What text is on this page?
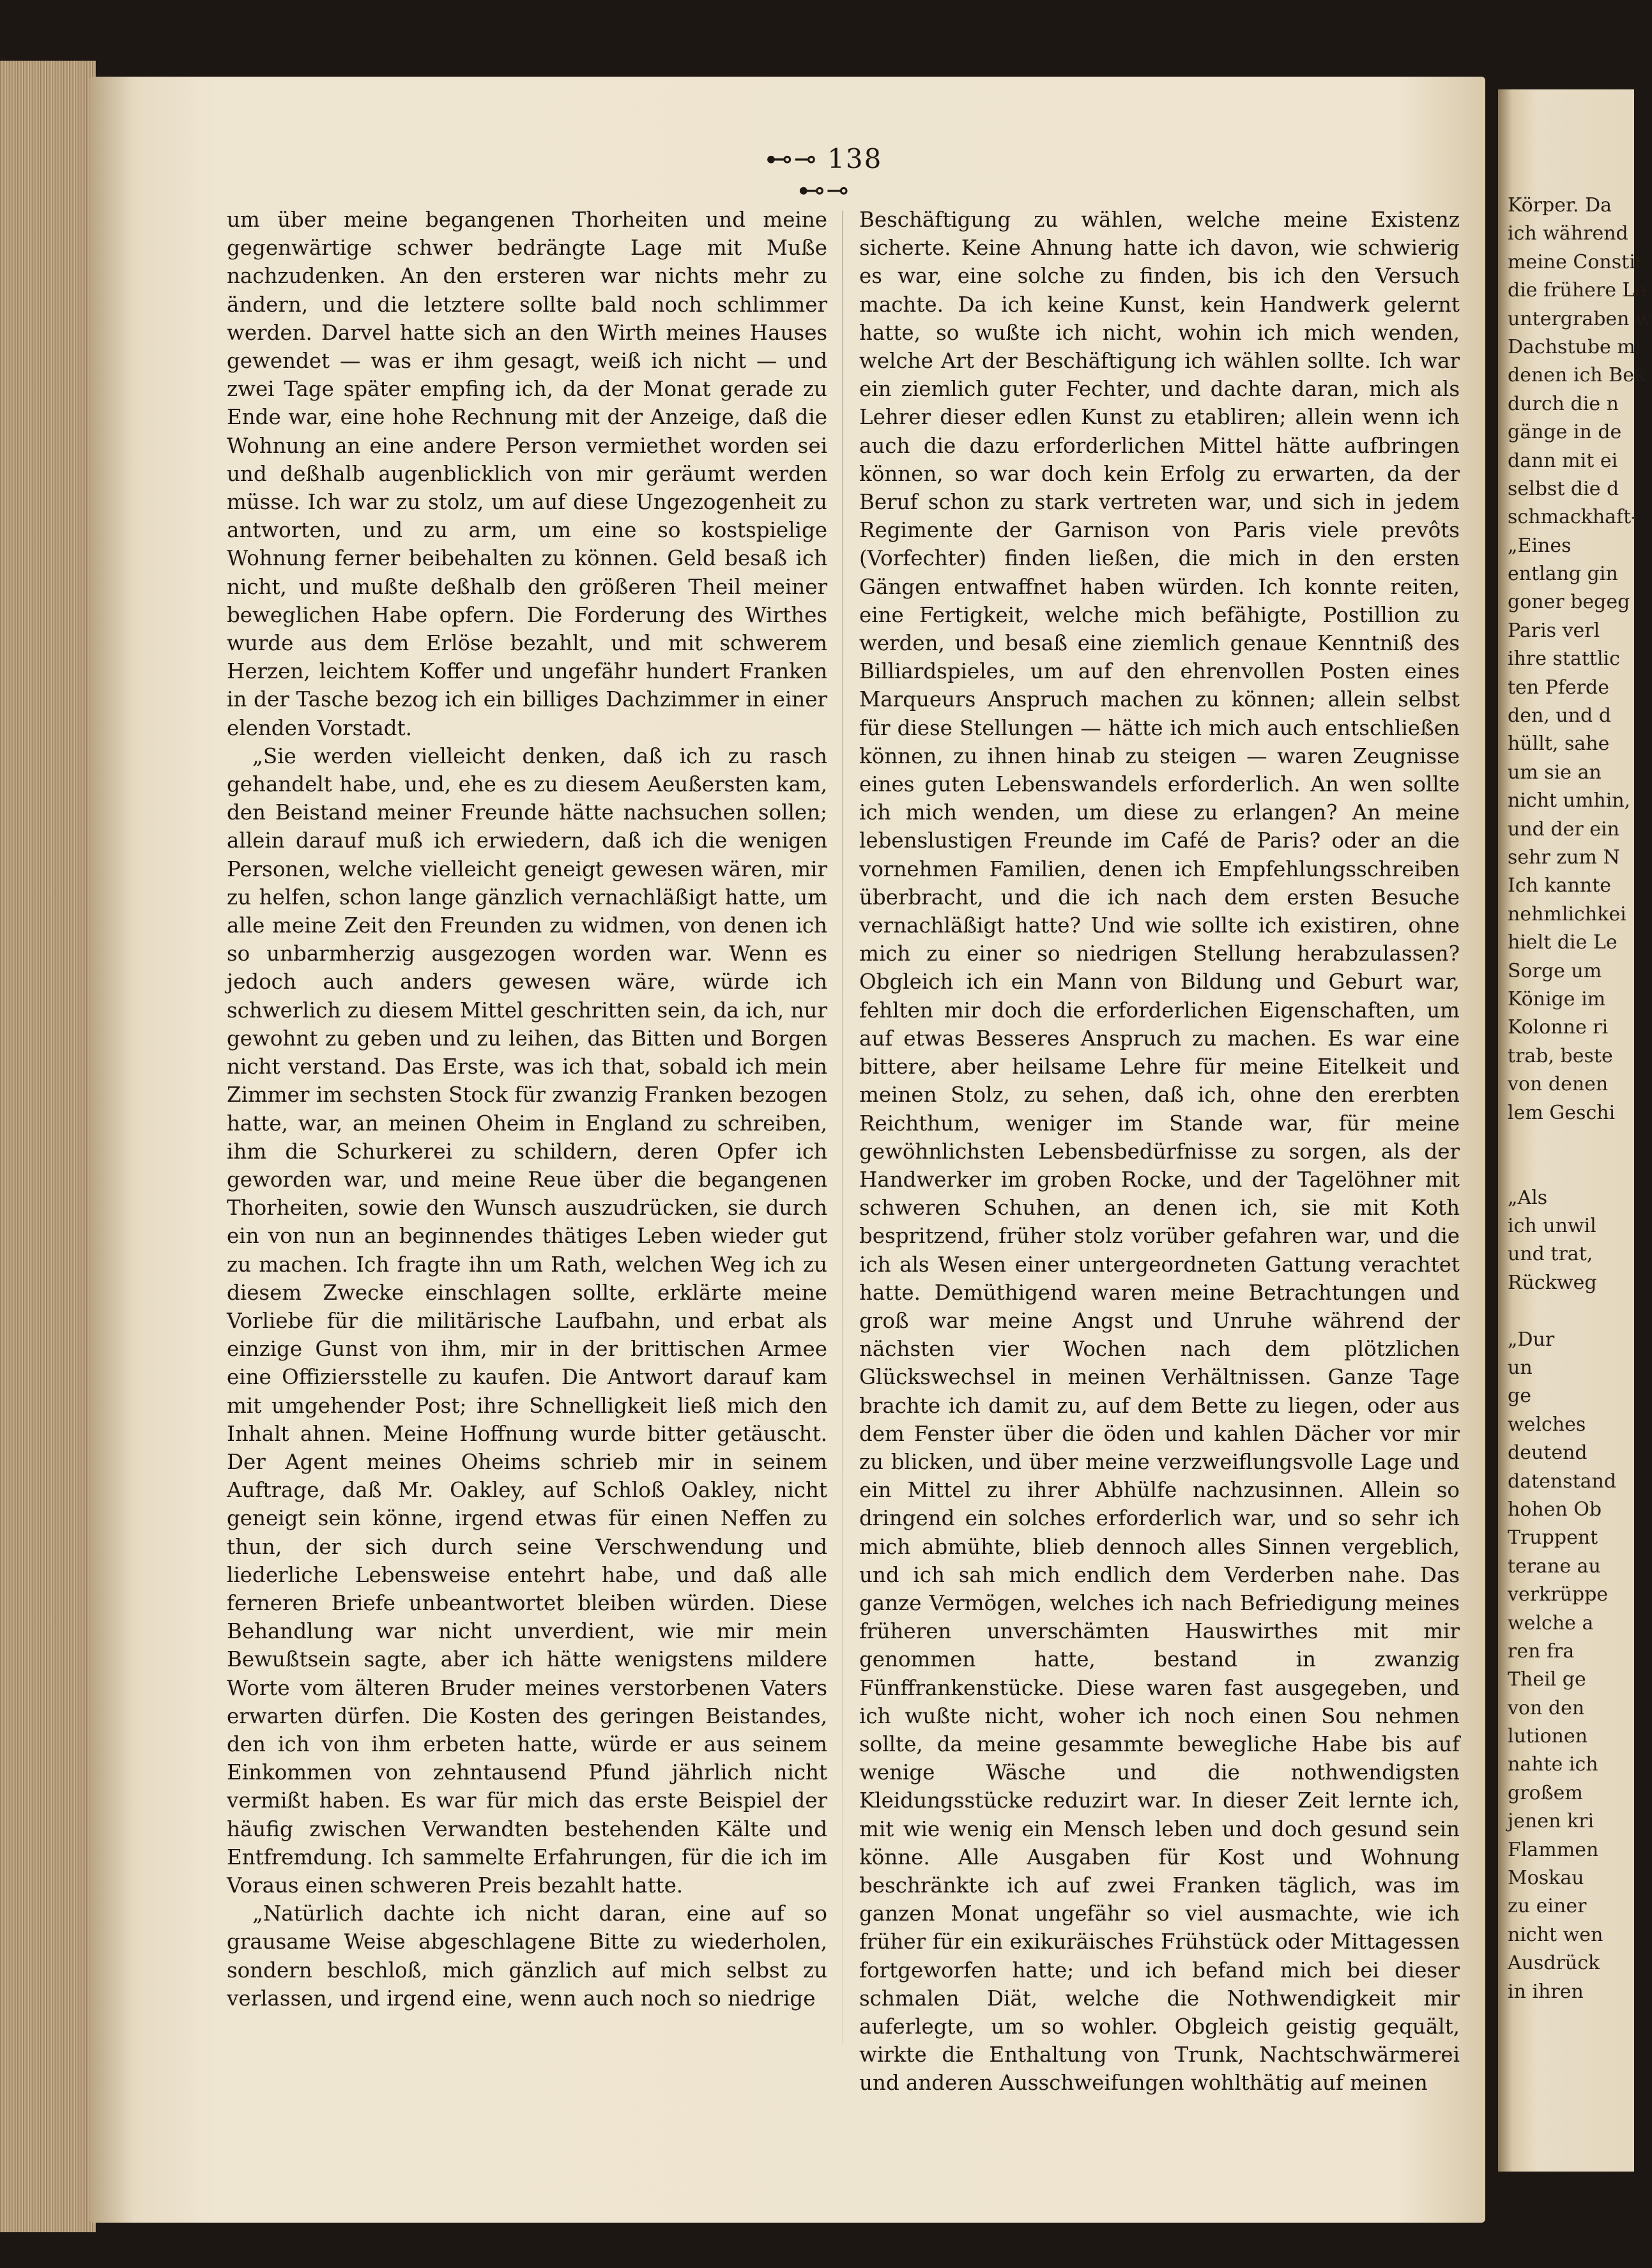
⊷⊸ 138 ⊷⊸

um über meine begangenen Thorheiten und meine gegenwärtige schwer bedrängte Lage mit Muße nachzudenken. An den ersteren war nichts mehr zu ändern, und die letztere sollte bald noch schlimmer werden. Darvel hatte sich an den Wirth meines Hauses gewendet — was er ihm gesagt, weiß ich nicht — und zwei Tage später empfing ich, da der Monat gerade zu Ende war, eine hohe Rechnung mit der Anzeige, daß die Wohnung an eine andere Person vermiethet worden sei und deßhalb augenblicklich von mir geräumt werden müsse. Ich war zu stolz, um auf diese Ungezogenheit zu antworten, und zu arm, um eine so kostspielige Wohnung ferner beibehalten zu können. Geld besaß ich nicht, und mußte deßhalb den größeren Theil meiner beweglichen Habe opfern. Die Forderung des Wirthes wurde aus dem Erlöse bezahlt, und mit schwerem Herzen, leichtem Koffer und ungefähr hundert Franken in der Tasche bezog ich ein billiges Dachzimmer in einer elenden Vorstadt.

„Sie werden vielleicht denken, daß ich zu rasch gehandelt habe, und, ehe es zu diesem Aeußersten kam, den Beistand meiner Freunde hätte nachsuchen sollen; allein darauf muß ich erwiedern, daß ich die wenigen Personen, welche vielleicht geneigt gewesen wären, mir zu helfen, schon lange gänzlich vernachläßigt hatte, um alle meine Zeit den Freunden zu widmen, von denen ich so unbarmherzig ausgezogen worden war. Wenn es jedoch auch anders gewesen wäre, würde ich schwerlich zu diesem Mittel geschritten sein, da ich, nur gewohnt zu geben und zu leihen, das Bitten und Borgen nicht verstand. Das Erste, was ich that, sobald ich mein Zimmer im sechsten Stock für zwanzig Franken bezogen hatte, war, an meinen Oheim in England zu schreiben, ihm die Schurkerei zu schildern, deren Opfer ich geworden war, und meine Reue über die begangenen Thorheiten, sowie den Wunsch auszudrücken, sie durch ein von nun an beginnendes thätiges Leben wieder gut zu machen. Ich fragte ihn um Rath, welchen Weg ich zu diesem Zwecke einschlagen sollte, erklärte meine Vorliebe für die militärische Laufbahn, und erbat als einzige Gunst von ihm, mir in der brittischen Armee eine Offiziersstelle zu kaufen. Die Antwort darauf kam mit umgehender Post; ihre Schnelligkeit ließ mich den Inhalt ahnen. Meine Hoffnung wurde bitter getäuscht. Der Agent meines Oheims schrieb mir in seinem Auftrage, daß Mr. Oakley, auf Schloß Oakley, nicht geneigt sein könne, irgend etwas für einen Neffen zu thun, der sich durch seine Verschwendung und liederliche Lebensweise entehrt habe, und daß alle ferneren Briefe unbeantwortet bleiben würden. Diese Behandlung war nicht unverdient, wie mir mein Bewußtsein sagte, aber ich hätte wenigstens mildere Worte vom älteren Bruder meines verstorbenen Vaters erwarten dürfen. Die Kosten des geringen Beistandes, den ich von ihm erbeten hatte, würde er aus seinem Einkommen von zehntausend Pfund jährlich nicht vermißt haben. Es war für mich das erste Beispiel der häufig zwischen Verwandten bestehenden Kälte und Entfremdung. Ich sammelte Erfahrungen, für die ich im Voraus einen schweren Preis bezahlt hatte.

„Natürlich dachte ich nicht daran, eine auf so grausame Weise abgeschlagene Bitte zu wiederholen, sondern beschloß, mich gänzlich auf mich selbst zu verlassen, und irgend eine, wenn auch noch so niedrige

Beschäftigung zu wählen, welche meine Existenz sicherte. Keine Ahnung hatte ich davon, wie schwierig es war, eine solche zu finden, bis ich den Versuch machte. Da ich keine Kunst, kein Handwerk gelernt hatte, so wußte ich nicht, wohin ich mich wenden, welche Art der Beschäftigung ich wählen sollte. Ich war ein ziemlich guter Fechter, und dachte daran, mich als Lehrer dieser edlen Kunst zu etabliren; allein wenn ich auch die dazu erforderlichen Mittel hätte aufbringen können, so war doch kein Erfolg zu erwarten, da der Beruf schon zu stark vertreten war, und sich in jedem Regimente der Garnison von Paris viele prevôts (Vorfechter) finden ließen, die mich in den ersten Gängen entwaffnet haben würden. Ich konnte reiten, eine Fertigkeit, welche mich befähigte, Postillion zu werden, und besaß eine ziemlich genaue Kenntniß des Billiardspieles, um auf den ehrenvollen Posten eines Marqueurs Anspruch machen zu können; allein selbst für diese Stellungen — hätte ich mich auch entschließen können, zu ihnen hinab zu steigen — waren Zeugnisse eines guten Lebenswandels erforderlich. An wen sollte ich mich wenden, um diese zu erlangen? An meine lebenslustigen Freunde im Café de Paris? oder an die vornehmen Familien, denen ich Empfehlungsschreiben überbracht, und die ich nach dem ersten Besuche vernachläßigt hatte? Und wie sollte ich existiren, ohne mich zu einer so niedrigen Stellung herabzulassen? Obgleich ich ein Mann von Bildung und Geburt war, fehlten mir doch die erforderlichen Eigenschaften, um auf etwas Besseres Anspruch zu machen. Es war eine bittere, aber heilsame Lehre für meine Eitelkeit und meinen Stolz, zu sehen, daß ich, ohne den ererbten Reichthum, weniger im Stande war, für meine gewöhnlichsten Lebensbedürfnisse zu sorgen, als der Handwerker im groben Rocke, und der Tagelöhner mit schweren Schuhen, an denen ich, sie mit Koth bespritzend, früher stolz vorüber gefahren war, und die ich als Wesen einer untergeordneten Gattung verachtet hatte. Demüthigend waren meine Betrachtungen und groß war meine Angst und Unruhe während der nächsten vier Wochen nach dem plötzlichen Glückswechsel in meinen Verhältnissen. Ganze Tage brachte ich damit zu, auf dem Bette zu liegen, oder aus dem Fenster über die öden und kahlen Dächer vor mir zu blicken, und über meine verzweiflungsvolle Lage und ein Mittel zu ihrer Abhülfe nachzusinnen. Allein so dringend ein solches erforderlich war, und so sehr ich mich abmühte, blieb dennoch alles Sinnen vergeblich, und ich sah mich endlich dem Verderben nahe. Das ganze Vermögen, welches ich nach Befriedigung meines früheren unverschämten Hauswirthes mit mir genommen hatte, bestand in zwanzig Fünffrankenstücke. Diese waren fast ausgegeben, und ich wußte nicht, woher ich noch einen Sou nehmen sollte, da meine gesammte bewegliche Habe bis auf wenige Wäsche und die nothwendigsten Kleidungsstücke reduzirt war. In dieser Zeit lernte ich, mit wie wenig ein Mensch leben und doch gesund sein könne. Alle Ausgaben für Kost und Wohnung beschränkte ich auf zwei Franken täglich, was im ganzen Monat ungefähr so viel ausmachte, wie ich früher für ein exikuräisches Frühstück oder Mittagessen fortgeworfen hatte; und ich befand mich bei dieser schmalen Diät, welche die Nothwendigkeit mir auferlegte, um so wohler. Obgleich geistig gequält, wirkte die Enthaltung von Trunk, Nachtschwärmerei und anderen Ausschweifungen wohlthätig auf meinen

Körper. Da
ich während
meine Constit
die frühere Le
untergraben w
Dachstube mi
denen ich Bek
durch die n
gänge in de
dann mit ei
selbst die d
schmackhaft-
„Eines
entlang gin
goner begeg
Paris verl
ihre stattlic
ten Pferde
den, und d
hüllt, sahe
um sie an
nicht umhin,
und der ein
sehr zum N
Ich kannte
nehmlichkei
hielt die Le
Sorge um
Könige im
Kolonne ri
trab, beste
von denen
lem Geschi
„Als
ich unwil
und trat,
Rückweg
„Dur
un
ge
welches
deutend
datenstand
hohen Ob
Truppent
terane au
verkrüppe
welche a
ren fra
Theil ge
von den
lutionen
nahte ich
großem
jenen kri
Flammen
Moskau
zu einer
nicht wen
Ausdrück
in ihren
